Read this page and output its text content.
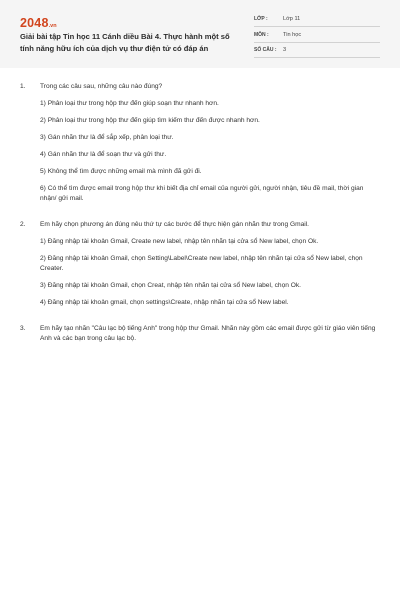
2048.vn
Giải bài tập Tin học 11 Cánh diều Bài 4. Thực hành một số tính năng hữu ích của dịch vụ thư điện tử có đáp án
LỚP :	Lớp 11
MÔN :	Tin học
SỐ CÂU : 3
1.	Trong các câu sau, những câu nào đúng?
1) Phân loại thư trong hộp thư đến giúp soạn thư nhanh hơn.
2) Phân loại thư trong hộp thư đến giúp tìm kiếm thư đến được nhanh hơn.
3) Gán nhãn thư là để sắp xếp, phân loại thư.
4) Gán nhãn thư là để soạn thư và gửi thư.
5) Không thể tìm được những email mà mình đã gửi đi.
6) Có thể tìm được email trong hộp thư khi biết địa chỉ email của người gửi, người nhận, tiêu đề mail, thời gian nhận/ gửi mail.
2.	Em hãy chọn phương án đúng nêu thứ tự các bước để thực hiện gán nhãn thư trong Gmail.
1) Đăng nhập tài khoản Gmail, Create new label, nhập tên nhãn tại cửa sổ New label, chọn Ok.
2) Đăng nhập tài khoản Gmail, chọn Setting\Label\Create new label, nhập tên nhãn tại cửa sổ New label, chọn Creater.
3) Đăng nhập tài khoản Gmail, chọn Creat, nhập tên nhãn tại cửa sổ New label, chọn Ok.
4) Đăng nhập tài khoản gmail, chọn settings\Create, nhập nhãn tại cửa sổ New label.
3.	Em hãy tạo nhãn "Câu lạc bộ tiếng Anh" trong hộp thư Gmail. Nhãn này gồm các email được gửi từ giáo viên tiếng Anh và các bạn trong câu lạc bộ.
